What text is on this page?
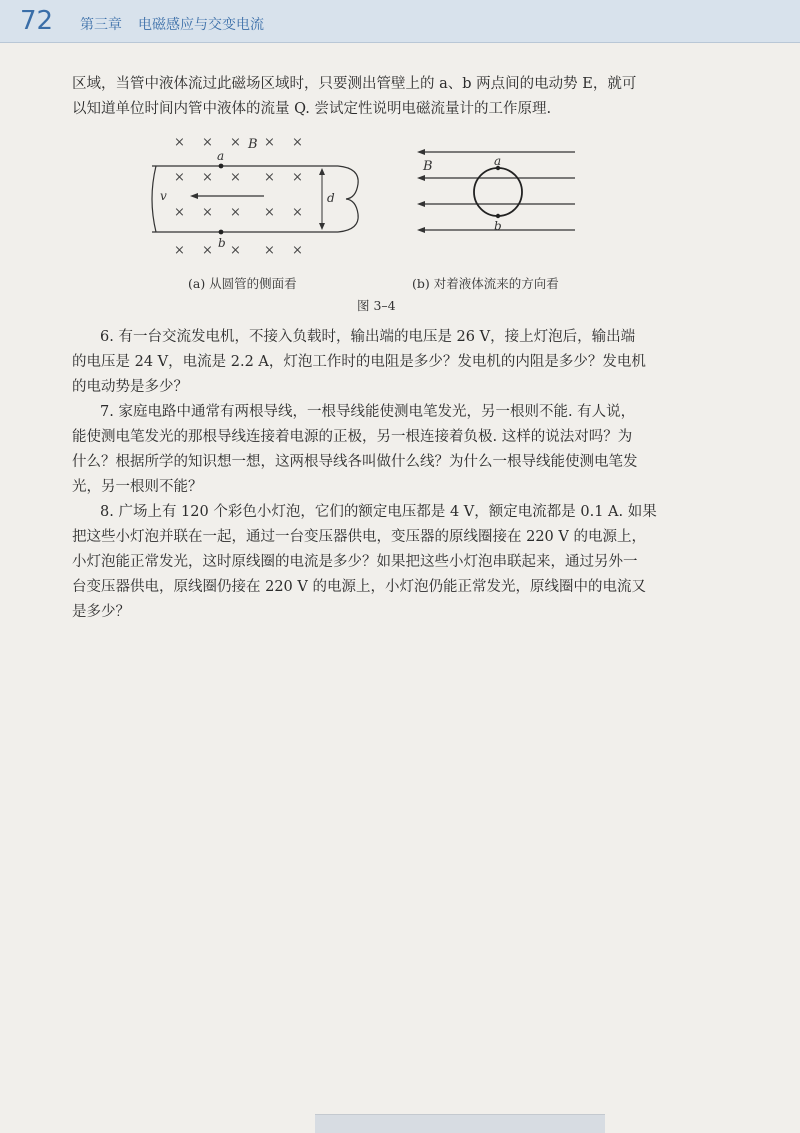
72 第三章 电磁感应与交变电流
区域，当管中液体流过此磁场区域时，只要测出管壁上的 a、b 两点间的电动势 E，就可
以知道单位时间内管中液体的流量 Q. 尝试定性说明电磁流量计的工作原理.
× × × × ×
× × × × ×
× × × × ×
× × × × ×
B
a
b
v	d
a
b
B
(a) 从圆管的侧面看	(b) 对着液体流来的方向看
图 3–4
6. 有一台交流发电机，不接入负载时，输出端的电压是 26 V，接上灯泡后，输出端
的电压是 24 V，电流是 2.2 A，灯泡工作时的电阻是多少？发电机的内阻是多少？发电机
的电动势是多少？
7. 家庭电路中通常有两根导线，一根导线能使测电笔发光，另一根则不能. 有人说，
能使测电笔发光的那根导线连接着电源的正极，另一根连接着负极. 这样的说法对吗？为
什么？根据所学的知识想一想，这两根导线各叫做什么线？为什么一根导线能使测电笔发
光，另一根则不能？
8. 广场上有 120 个彩色小灯泡，它们的额定电压都是 4 V，额定电流都是 0.1 A. 如果
把这些小灯泡并联在一起，通过一台变压器供电，变压器的原线圈接在 220 V 的电源上，
小灯泡能正常发光，这时原线圈的电流是多少？如果把这些小灯泡串联起来，通过另外一
台变压器供电，原线圈仍接在 220 V 的电源上，小灯泡仍能正常发光，原线圈中的电流又
是多少？
